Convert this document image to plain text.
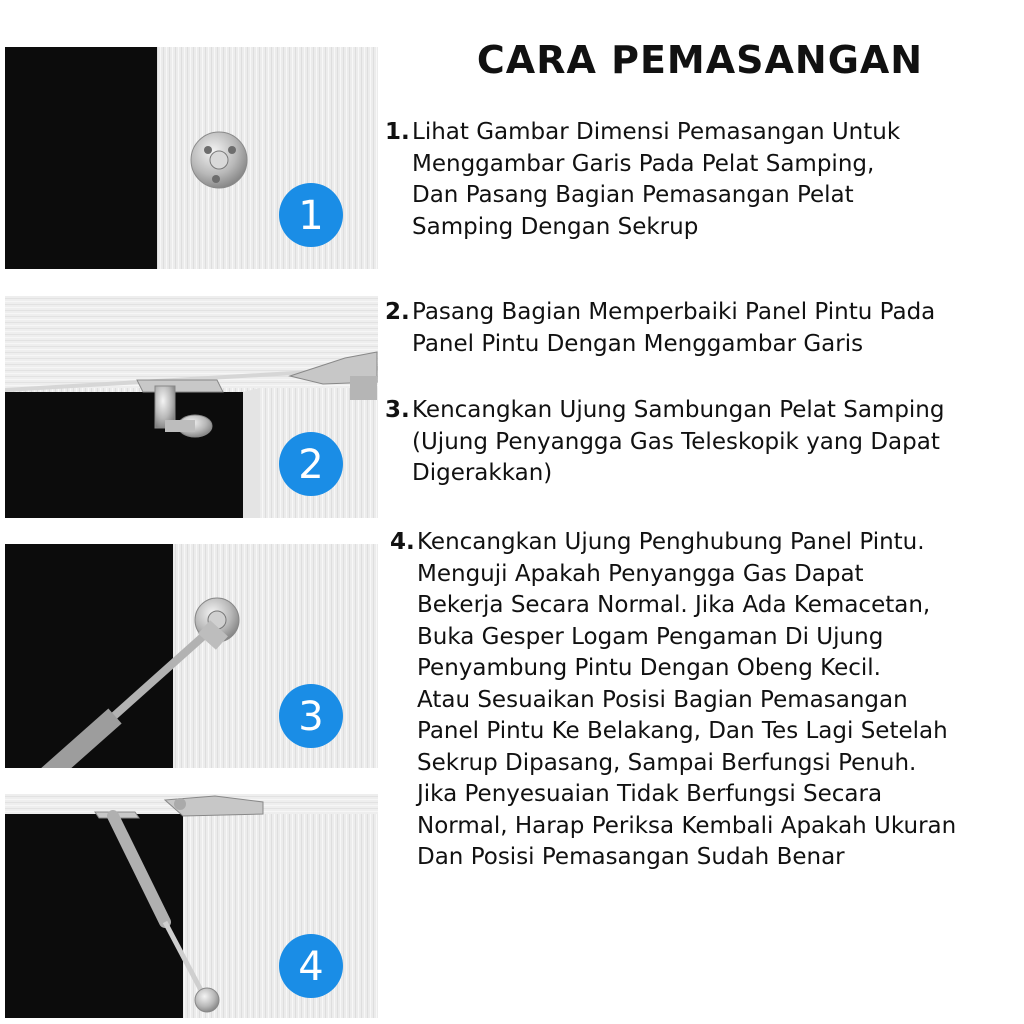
1
2
3
4
CARA PEMASANGAN
1. Lihat Gambar Dimensi Pemasangan Untuk
Menggambar Garis Pada Pelat Samping,
Dan Pasang Bagian Pemasangan Pelat
Samping Dengan Sekrup
2. Pasang Bagian Memperbaiki Panel Pintu Pada
Panel Pintu Dengan Menggambar Garis
3. Kencangkan Ujung Sambungan Pelat Samping
(Ujung Penyangga Gas Teleskopik yang Dapat
Digerakkan)
4. Kencangkan Ujung Penghubung Panel Pintu.
Menguji Apakah Penyangga Gas Dapat
Bekerja Secara Normal. Jika Ada Kemacetan,
Buka Gesper Logam Pengaman Di Ujung
Penyambung Pintu Dengan Obeng Kecil.
Atau Sesuaikan Posisi Bagian Pemasangan
Panel Pintu Ke Belakang, Dan Tes Lagi Setelah
Sekrup Dipasang, Sampai Berfungsi Penuh.
Jika Penyesuaian Tidak Berfungsi Secara
Normal, Harap Periksa Kembali Apakah Ukuran
Dan Posisi Pemasangan Sudah Benar
